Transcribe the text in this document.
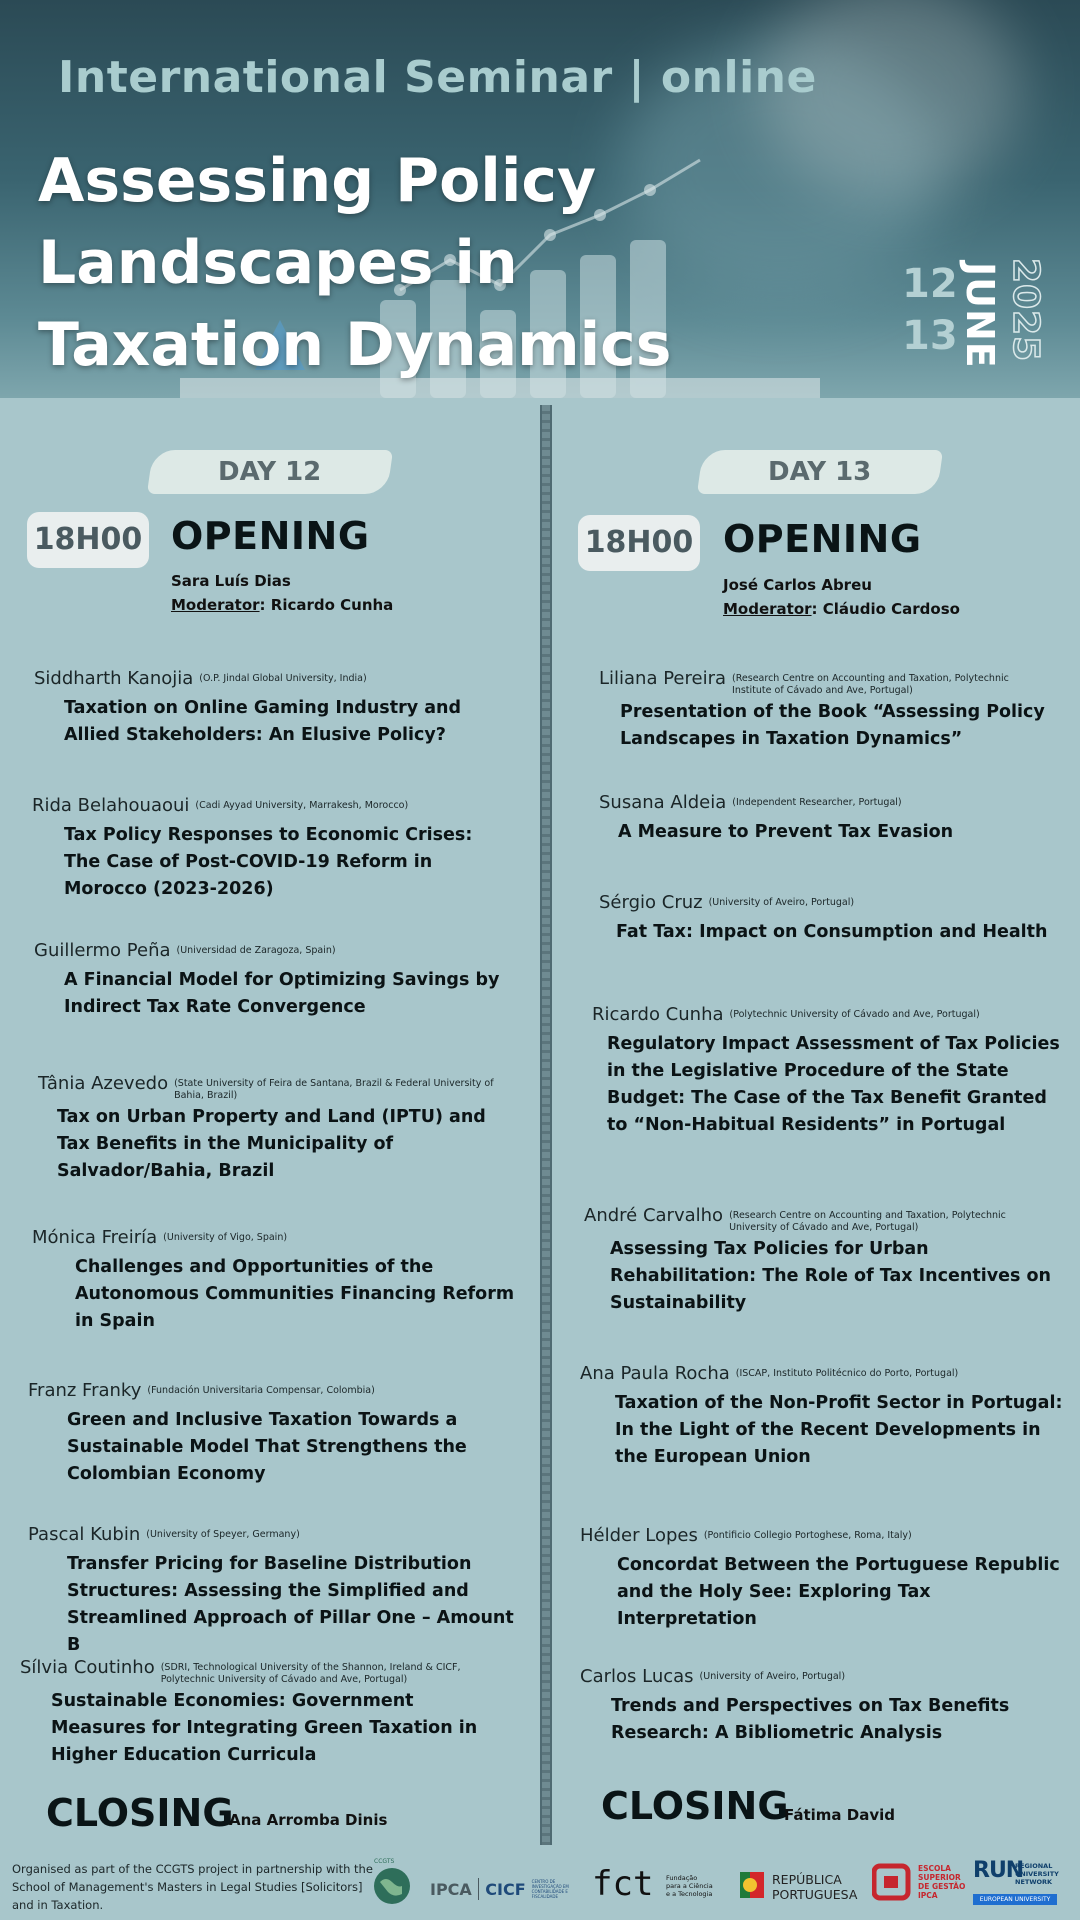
International Seminar | online
Assessing Policy Landscapes in
Taxation Dynamics
12
13 JUNE 2025
DAY 12
18H00 OPENING
Sara Luís Dias
Moderator: Ricardo Cunha
Siddharth Kanojia (O.P. Jindal Global University, India)
Taxation on Online Gaming Industry and Allied Stakeholders: An Elusive Policy?
Rida Belahouaoui (Cadi Ayyad University, Marrakesh, Morocco)
Tax Policy Responses to Economic Crises: The Case of Post-COVID-19 Reform in Morocco (2023-2026)
Guillermo Peña (Universidad de Zaragoza, Spain)
A Financial Model for Optimizing Savings by Indirect Tax Rate Convergence
Tânia Azevedo (State University of Feira de Santana, Brazil & Federal University of Bahia, Brazil)
Tax on Urban Property and Land (IPTU) and Tax Benefits in the Municipality of Salvador/Bahia, Brazil
Mónica Freiría (University of Vigo, Spain)
Challenges and Opportunities of the Autonomous Communities Financing Reform in Spain
Franz Franky (Fundación Universitaria Compensar, Colombia)
Green and Inclusive Taxation Towards a Sustainable Model That Strengthens the Colombian Economy
Pascal Kubin (University of Speyer, Germany)
Transfer Pricing for Baseline Distribution Structures: Assessing the Simplified and Streamlined Approach of Pillar One – Amount B
Sílvia Coutinho (SDRI, Technological University of the Shannon, Ireland & CICF, Polytechnic University of Cávado and Ave, Portugal)
Sustainable Economies: Government Measures for Integrating Green Taxation in Higher Education Curricula
CLOSING
Ana Arromba Dinis
DAY 13
18H00 OPENING
José Carlos Abreu
Moderator: Cláudio Cardoso
Liliana Pereira (Research Centre on Accounting and Taxation, Polytechnic Institute of Cávado and Ave, Portugal)
Presentation of the Book “Assessing Policy Landscapes in Taxation Dynamics”
Susana Aldeia (Independent Researcher, Portugal)
A Measure to Prevent Tax Evasion
Sérgio Cruz (University of Aveiro, Portugal)
Fat Tax: Impact on Consumption and Health
Ricardo Cunha (Polytechnic University of Cávado and Ave, Portugal)
Regulatory Impact Assessment of Tax Policies in the Legislative Procedure of the State Budget: The Case of the Tax Benefit Granted to “Non-Habitual Residents” in Portugal
André Carvalho (Research Centre on Accounting and Taxation, Polytechnic University of Cávado and Ave, Portugal)
Assessing Tax Policies for Urban Rehabilitation: The Role of Tax Incentives on Sustainability
Ana Paula Rocha (ISCAP, Instituto Politécnico do Porto, Portugal)
Taxation of the Non-Profit Sector in Portugal: In the Light of the Recent Developments in the European Union
Hélder Lopes (Pontificio Collegio Portoghese, Roma, Italy)
Concordat Between the Portuguese Republic and the Holy See: Exploring Tax Interpretation
Carlos Lucas (University of Aveiro, Portugal)
Trends and Perspectives on Tax Benefits Research: A Bibliometric Analysis
CLOSING
Fátima David
Organised as part of the CCGTS project in partnership with the School of Management's Masters in Legal Studies [Solicitors] and in Taxation.
CCGTS
IPCA CICF CENTRO DE INVESTIGAÇÃO EM CONTABILIDADE E FISCALIDADE	fct Fundação para a Ciência e a Tecnologia
REPÚBLICA
PORTUGUESA
ESCOLA SUPERIOR DE GESTÃO IPCA
RUN
REGIONAL UNIVERSITY NETWORK
EUROPEAN UNIVERSITY
